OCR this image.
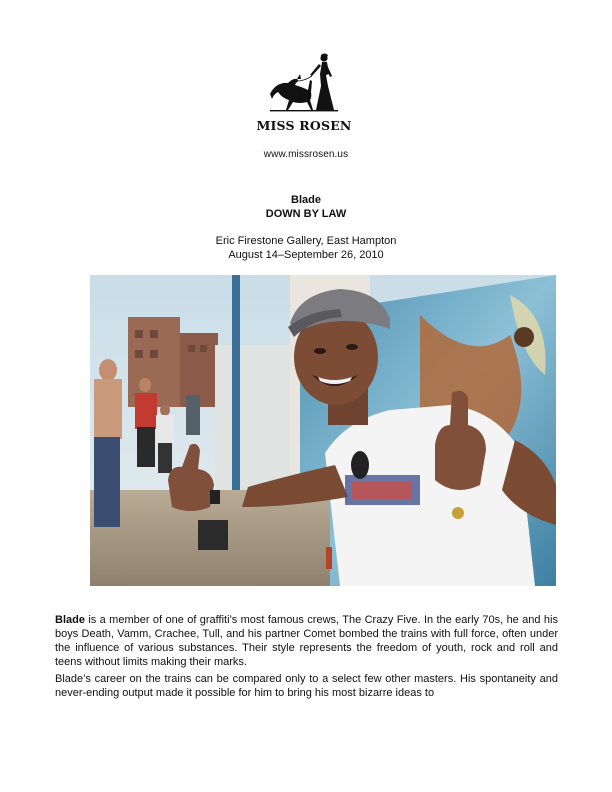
MISS ROSEN
www.missrosen.us
Blade
DOWN BY LAW
Eric Firestone Gallery, East Hampton
August 14–September 26, 2010

Blade is a member of one of graffiti’s most famous crews, The Crazy Five. In the early 70s, he and his boys Death, Vamm, Crachee, Tull, and his partner Comet bombed the trains with full force, often under the influence of various substances. Their style represents the freedom of youth, rock and roll and teens without limits making their marks.

Blade’s career on the trains can be compared only to a select few other masters. His spontaneity and never-ending output made it possible for him to bring his most bizarre ideas to
